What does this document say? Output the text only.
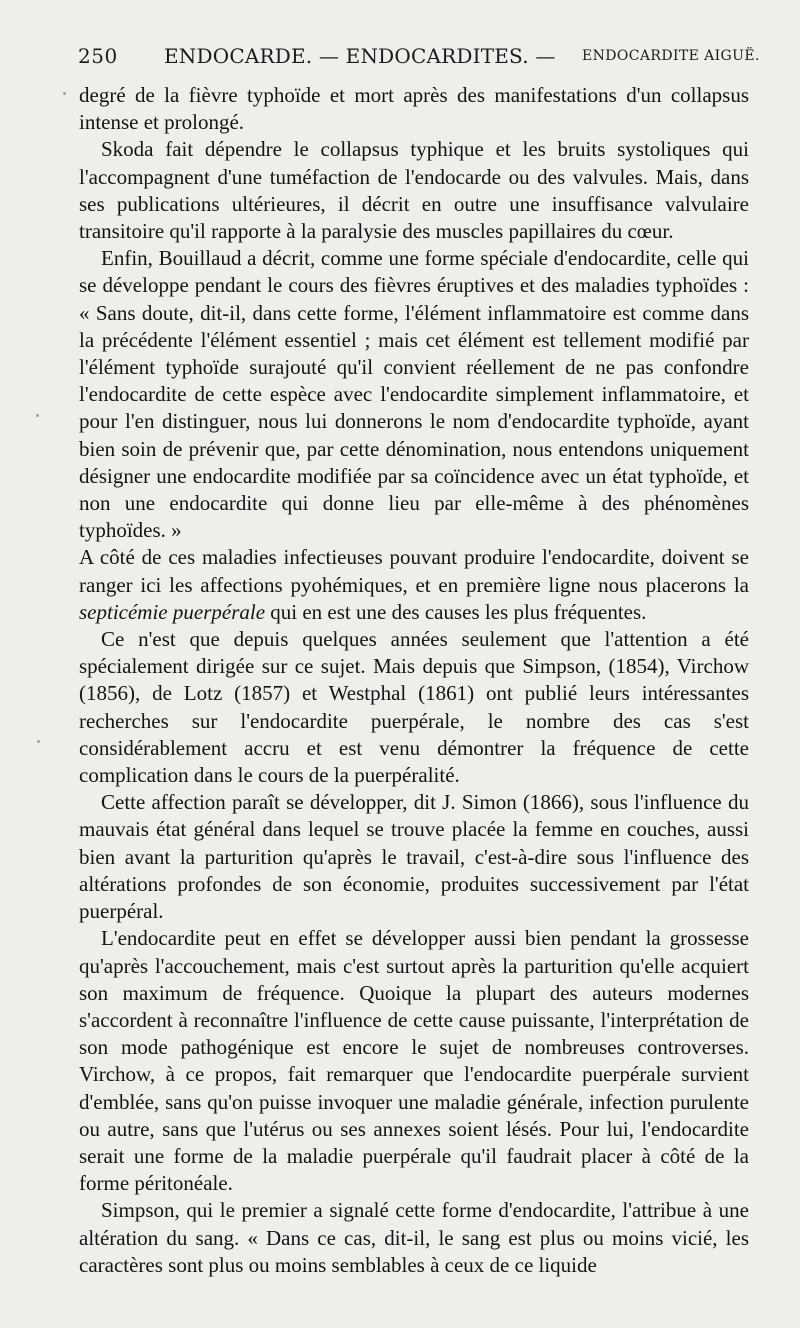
250 ENDOCARDE. — ENDOCARDITES. — ENDOCARDITE AIGUË.

degré de la fièvre typhoïde et mort après des manifestations d'un collapsus intense et prolongé.

Skoda fait dépendre le collapsus typhique et les bruits systoliques qui l'accompagnent d'une tuméfaction de l'endocarde ou des valvules. Mais, dans ses publications ultérieures, il décrit en outre une insuffisance valvulaire transitoire qu'il rapporte à la paralysie des muscles papillaires du cœur.

Enfin, Bouillaud a décrit, comme une forme spéciale d'endocardite, celle qui se développe pendant le cours des fièvres éruptives et des maladies typhoïdes : « Sans doute, dit-il, dans cette forme, l'élément inflammatoire est comme dans la précédente l'élément essentiel ; mais cet élément est tellement modifié par l'élément typhoïde surajouté qu'il convient réellement de ne pas confondre l'endocardite de cette espèce avec l'endocardite simplement inflammatoire, et pour l'en distinguer, nous lui donnerons le nom d'endocardite typhoïde, ayant bien soin de prévenir que, par cette dénomination, nous entendons uniquement désigner une endocardite modifiée par sa coïncidence avec un état typhoïde, et non une endocardite qui donne lieu par elle-même à des phénomènes typhoïdes. »

A côté de ces maladies infectieuses pouvant produire l'endocardite, doivent se ranger ici les affections pyohémiques, et en première ligne nous placerons la septicémie puerpérale qui en est une des causes les plus fréquentes.

Ce n'est que depuis quelques années seulement que l'attention a été spécialement dirigée sur ce sujet. Mais depuis que Simpson, (1854), Virchow (1856), de Lotz (1857) et Westphal (1861) ont publié leurs intéressantes recherches sur l'endocardite puerpérale, le nombre des cas s'est considérablement accru et est venu démontrer la fréquence de cette complication dans le cours de la puerpéralité.

Cette affection paraît se développer, dit J. Simon (1866), sous l'influence du mauvais état général dans lequel se trouve placée la femme en couches, aussi bien avant la parturition qu'après le travail, c'est-à-dire sous l'influence des altérations profondes de son économie, produites successivement par l'état puerpéral.

L'endocardite peut en effet se développer aussi bien pendant la grossesse qu'après l'accouchement, mais c'est surtout après la parturition qu'elle acquiert son maximum de fréquence. Quoique la plupart des auteurs modernes s'accordent à reconnaître l'influence de cette cause puissante, l'interprétation de son mode pathogénique est encore le sujet de nombreuses controverses. Virchow, à ce propos, fait remarquer que l'endocardite puerpérale survient d'emblée, sans qu'on puisse invoquer une maladie générale, infection purulente ou autre, sans que l'utérus ou ses annexes soient lésés. Pour lui, l'endocardite serait une forme de la maladie puerpérale qu'il faudrait placer à côté de la forme péritonéale.

Simpson, qui le premier a signalé cette forme d'endocardite, l'attribue à une altération du sang. « Dans ce cas, dit-il, le sang est plus ou moins vicié, les caractères sont plus ou moins semblables à ceux de ce liquide
